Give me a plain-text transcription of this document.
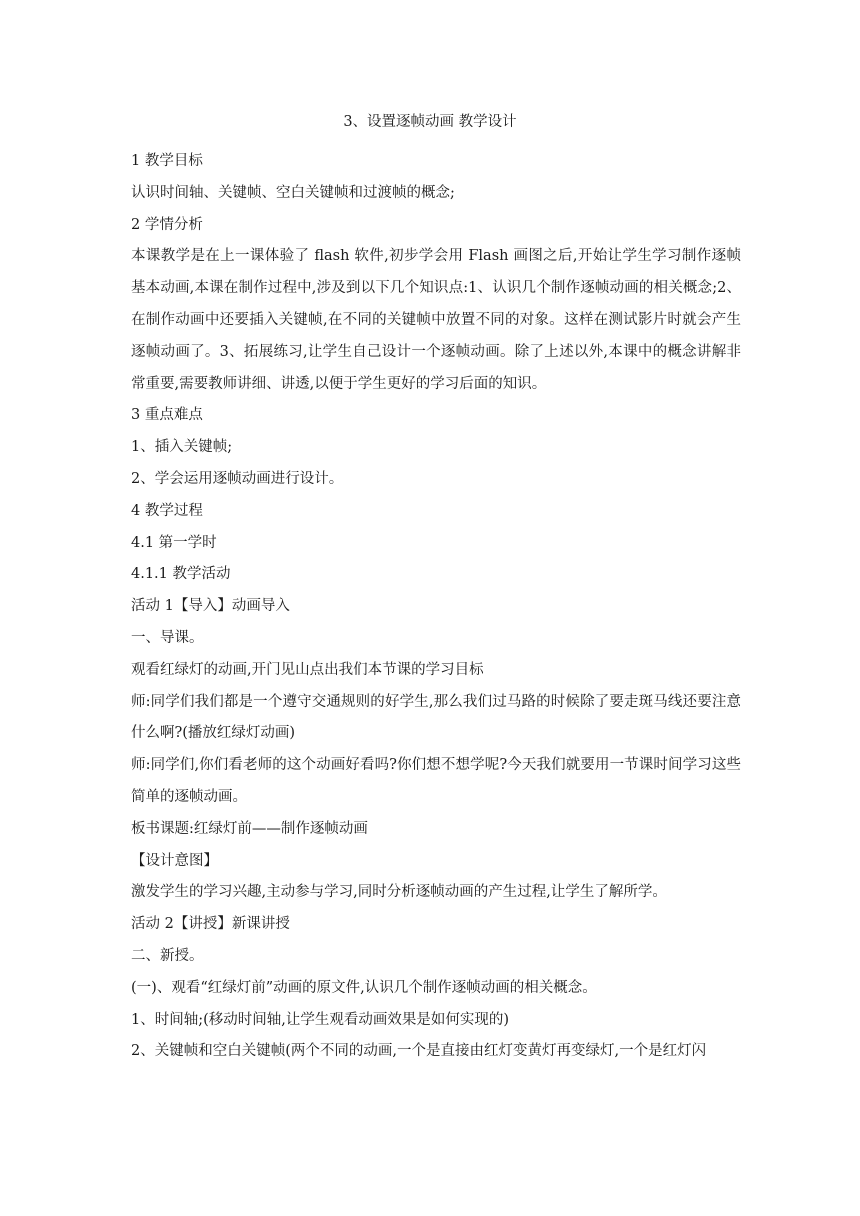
3、设置逐帧动画 教学设计

1 教学目标

认识时间轴、关键帧、空白关键帧和过渡帧的概念;

2 学情分析

本课教学是在上一课体验了 flash 软件,初步学会用 Flash 画图之后,开始让学生学习制作逐帧基本动画,本课在制作过程中,涉及到以下几个知识点:1、认识几个制作逐帧动画的相关概念;2、在制作动画中还要插入关键帧,在不同的关键帧中放置不同的对象。这样在测试影片时就会产生逐帧动画了。3、拓展练习,让学生自己设计一个逐帧动画。除了上述以外,本课中的概念讲解非常重要,需要教师讲细、讲透,以便于学生更好的学习后面的知识。

3 重点难点

1、插入关键帧;

2、学会运用逐帧动画进行设计。

4 教学过程

4.1 第一学时

4.1.1 教学活动

活动 1【导入】动画导入

一、导课。

观看红绿灯的动画,开门见山点出我们本节课的学习目标

师:同学们我们都是一个遵守交通规则的好学生,那么我们过马路的时候除了要走斑马线还要注意什么啊?(播放红绿灯动画)

师:同学们,你们看老师的这个动画好看吗?你们想不想学呢?今天我们就要用一节课时间学习这些简单的逐帧动画。

板书课题:红绿灯前——制作逐帧动画

【设计意图】

激发学生的学习兴趣,主动参与学习,同时分析逐帧动画的产生过程,让学生了解所学。

活动 2【讲授】新课讲授

二、新授。

(一)、观看“红绿灯前”动画的原文件,认识几个制作逐帧动画的相关概念。

1、时间轴;(移动时间轴,让学生观看动画效果是如何实现的)

2、关键帧和空白关键帧(两个不同的动画,一个是直接由红灯变黄灯再变绿灯,一个是红灯闪
